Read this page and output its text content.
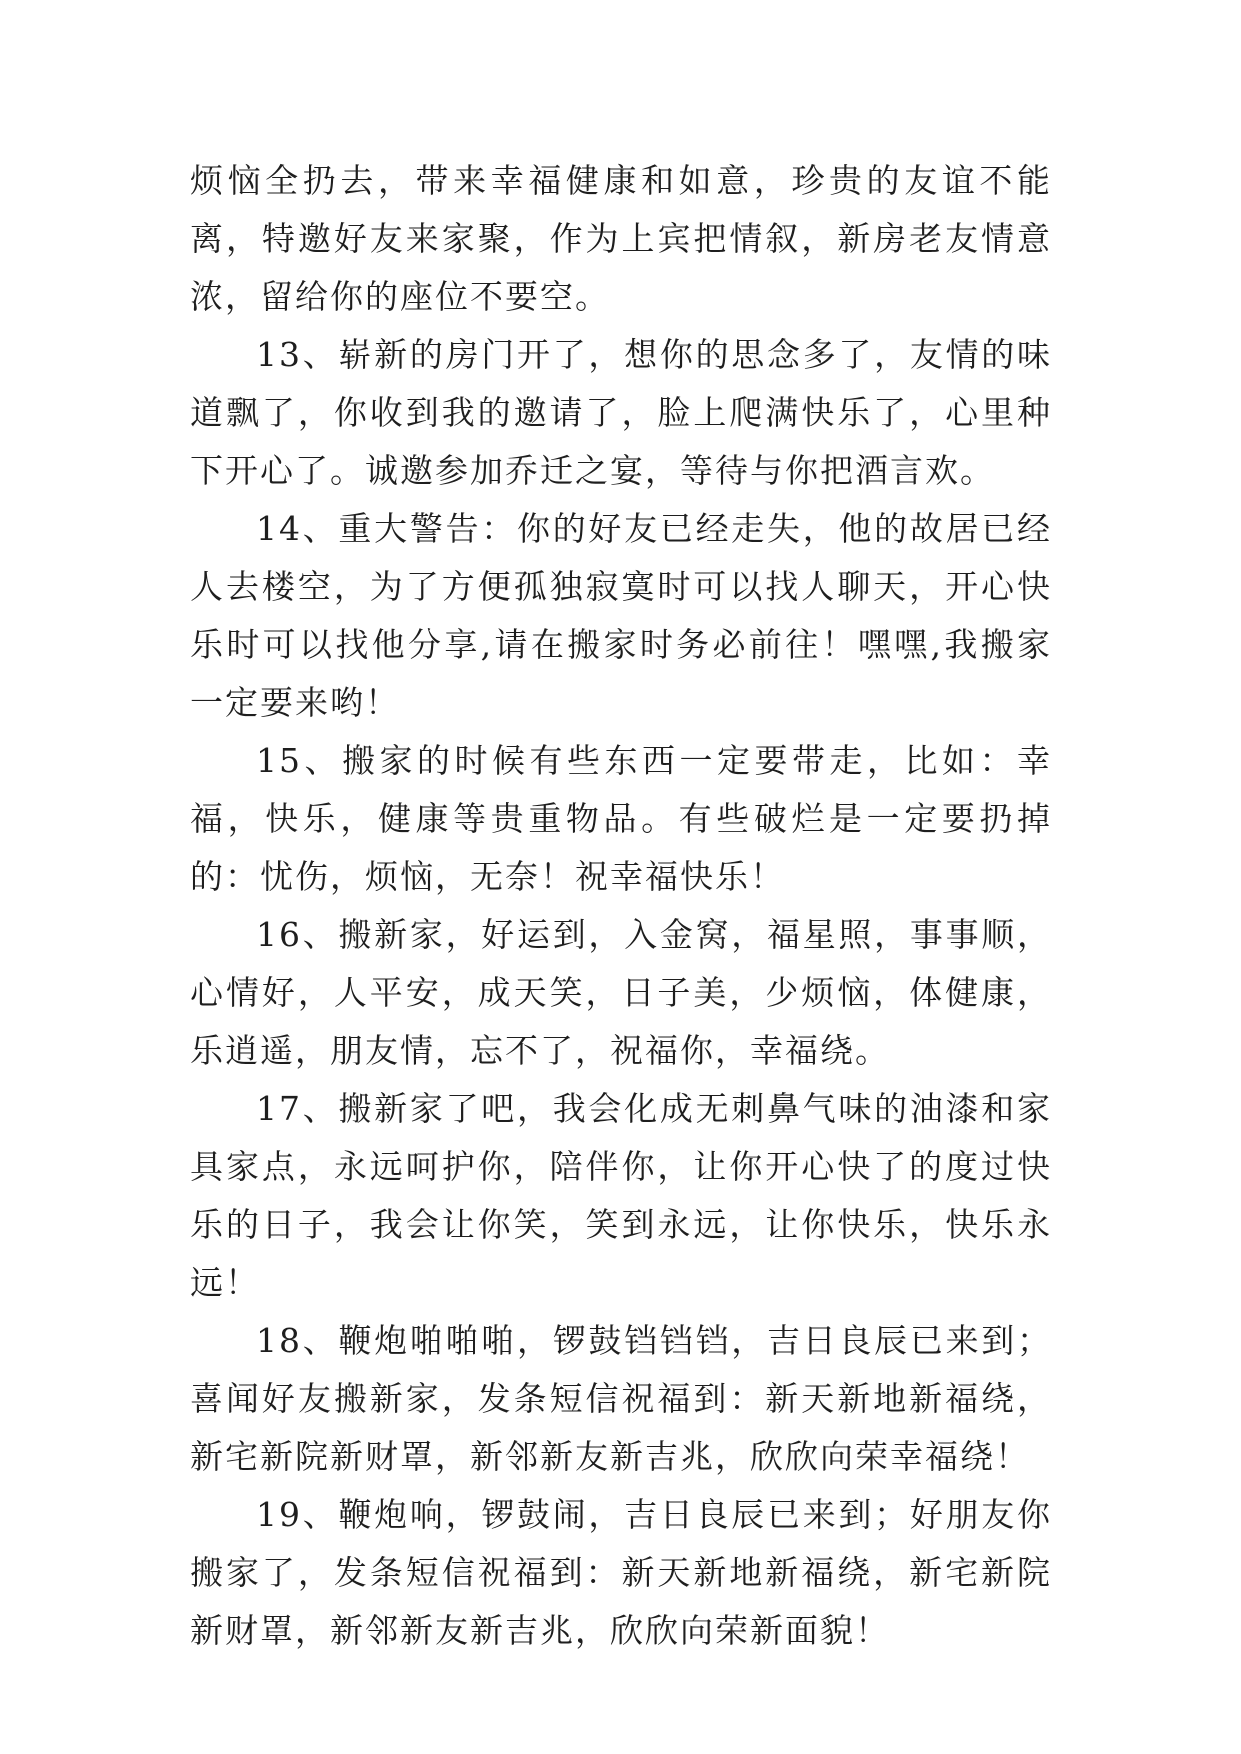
烦恼全扔去，带来幸福健康和如意，珍贵的友谊不能离，特邀好友来家聚，作为上宾把情叙，新房老友情意浓，留给你的座位不要空。

13、崭新的房门开了，想你的思念多了，友情的味道飘了，你收到我的邀请了，脸上爬满快乐了，心里种下开心了。诚邀参加乔迁之宴，等待与你把酒言欢。

14、重大警告：你的好友已经走失，他的故居已经人去楼空，为了方便孤独寂寞时可以找人聊天，开心快乐时可以找他分享,请在搬家时务必前往！嘿嘿,我搬家一定要来哟！

15、搬家的时候有些东西一定要带走，比如：幸福，快乐，健康等贵重物品。有些破烂是一定要扔掉的：忧伤，烦恼，无奈！祝幸福快乐！

16、搬新家，好运到，入金窝，福星照，事事顺，心情好，人平安，成天笑，日子美，少烦恼，体健康，乐逍遥，朋友情，忘不了，祝福你，幸福绕。

17、搬新家了吧，我会化成无刺鼻气味的油漆和家具家点，永远呵护你，陪伴你，让你开心快了的度过快乐的日子，我会让你笑，笑到永远，让你快乐，快乐永远！

18、鞭炮啪啪啪，锣鼓铛铛铛，吉日良辰已来到；喜闻好友搬新家，发条短信祝福到：新天新地新福绕，新宅新院新财罩，新邻新友新吉兆，欣欣向荣幸福绕！

19、鞭炮响，锣鼓闹，吉日良辰已来到；好朋友你搬家了，发条短信祝福到：新天新地新福绕，新宅新院新财罩，新邻新友新吉兆，欣欣向荣新面貌！
